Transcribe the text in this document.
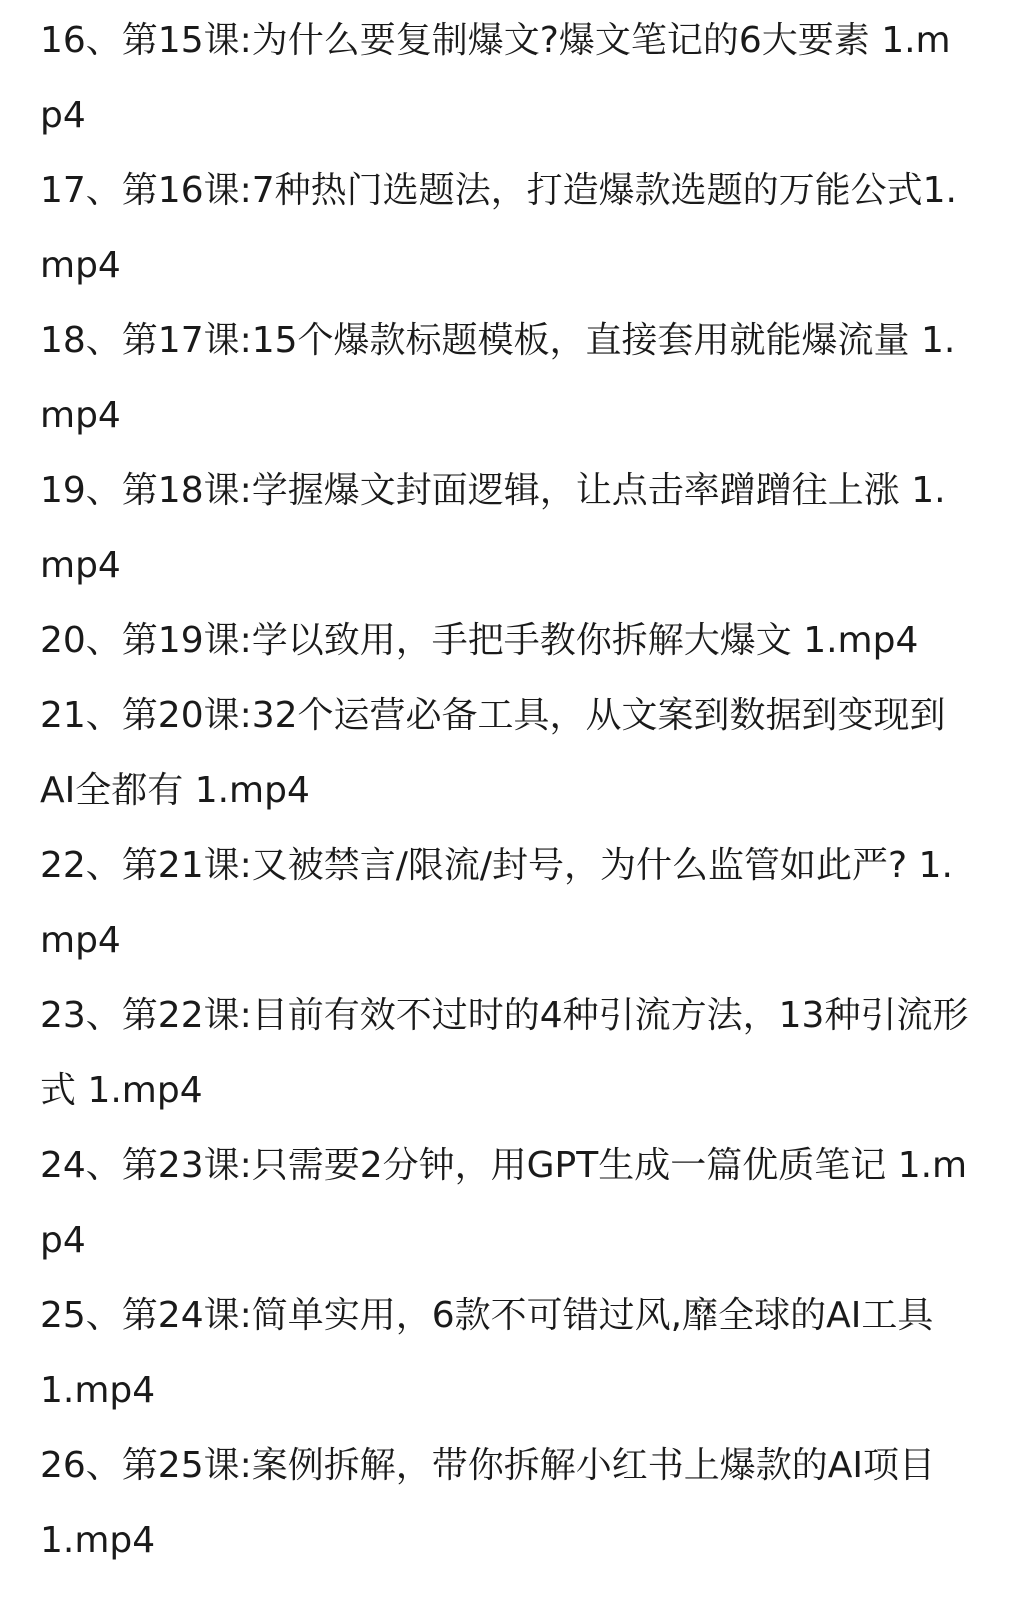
16、第15课:为什么要复制爆文?爆文笔记的6大要素 1.m
p4
17、第16课:7种热门选题法，打造爆款选题的万能公式1.
mp4
18、第17课:15个爆款标题模板，直接套用就能爆流量 1.
mp4
19、第18课:学握爆文封面逻辑，让点击率蹭蹭往上涨 1.
mp4
20、第19课:学以致用，手把手教你拆解大爆文 1.mp4
21、第20课:32个运营必备工具，从文案到数据到变现到
AI全都有 1.mp4
22、第21课:又被禁言/限流/封号，为什么监管如此严? 1.
mp4
23、第22课:目前有效不过时的4种引流方法，13种引流形
式 1.mp4
24、第23课:只需要2分钟，用GPT生成一篇优质笔记 1.m
p4
25、第24课:简单实用，6款不可错过风,靡全球的AI工具
1.mp4
26、第25课:案例拆解，带你拆解小红书上爆款的AI项目
1.mp4
